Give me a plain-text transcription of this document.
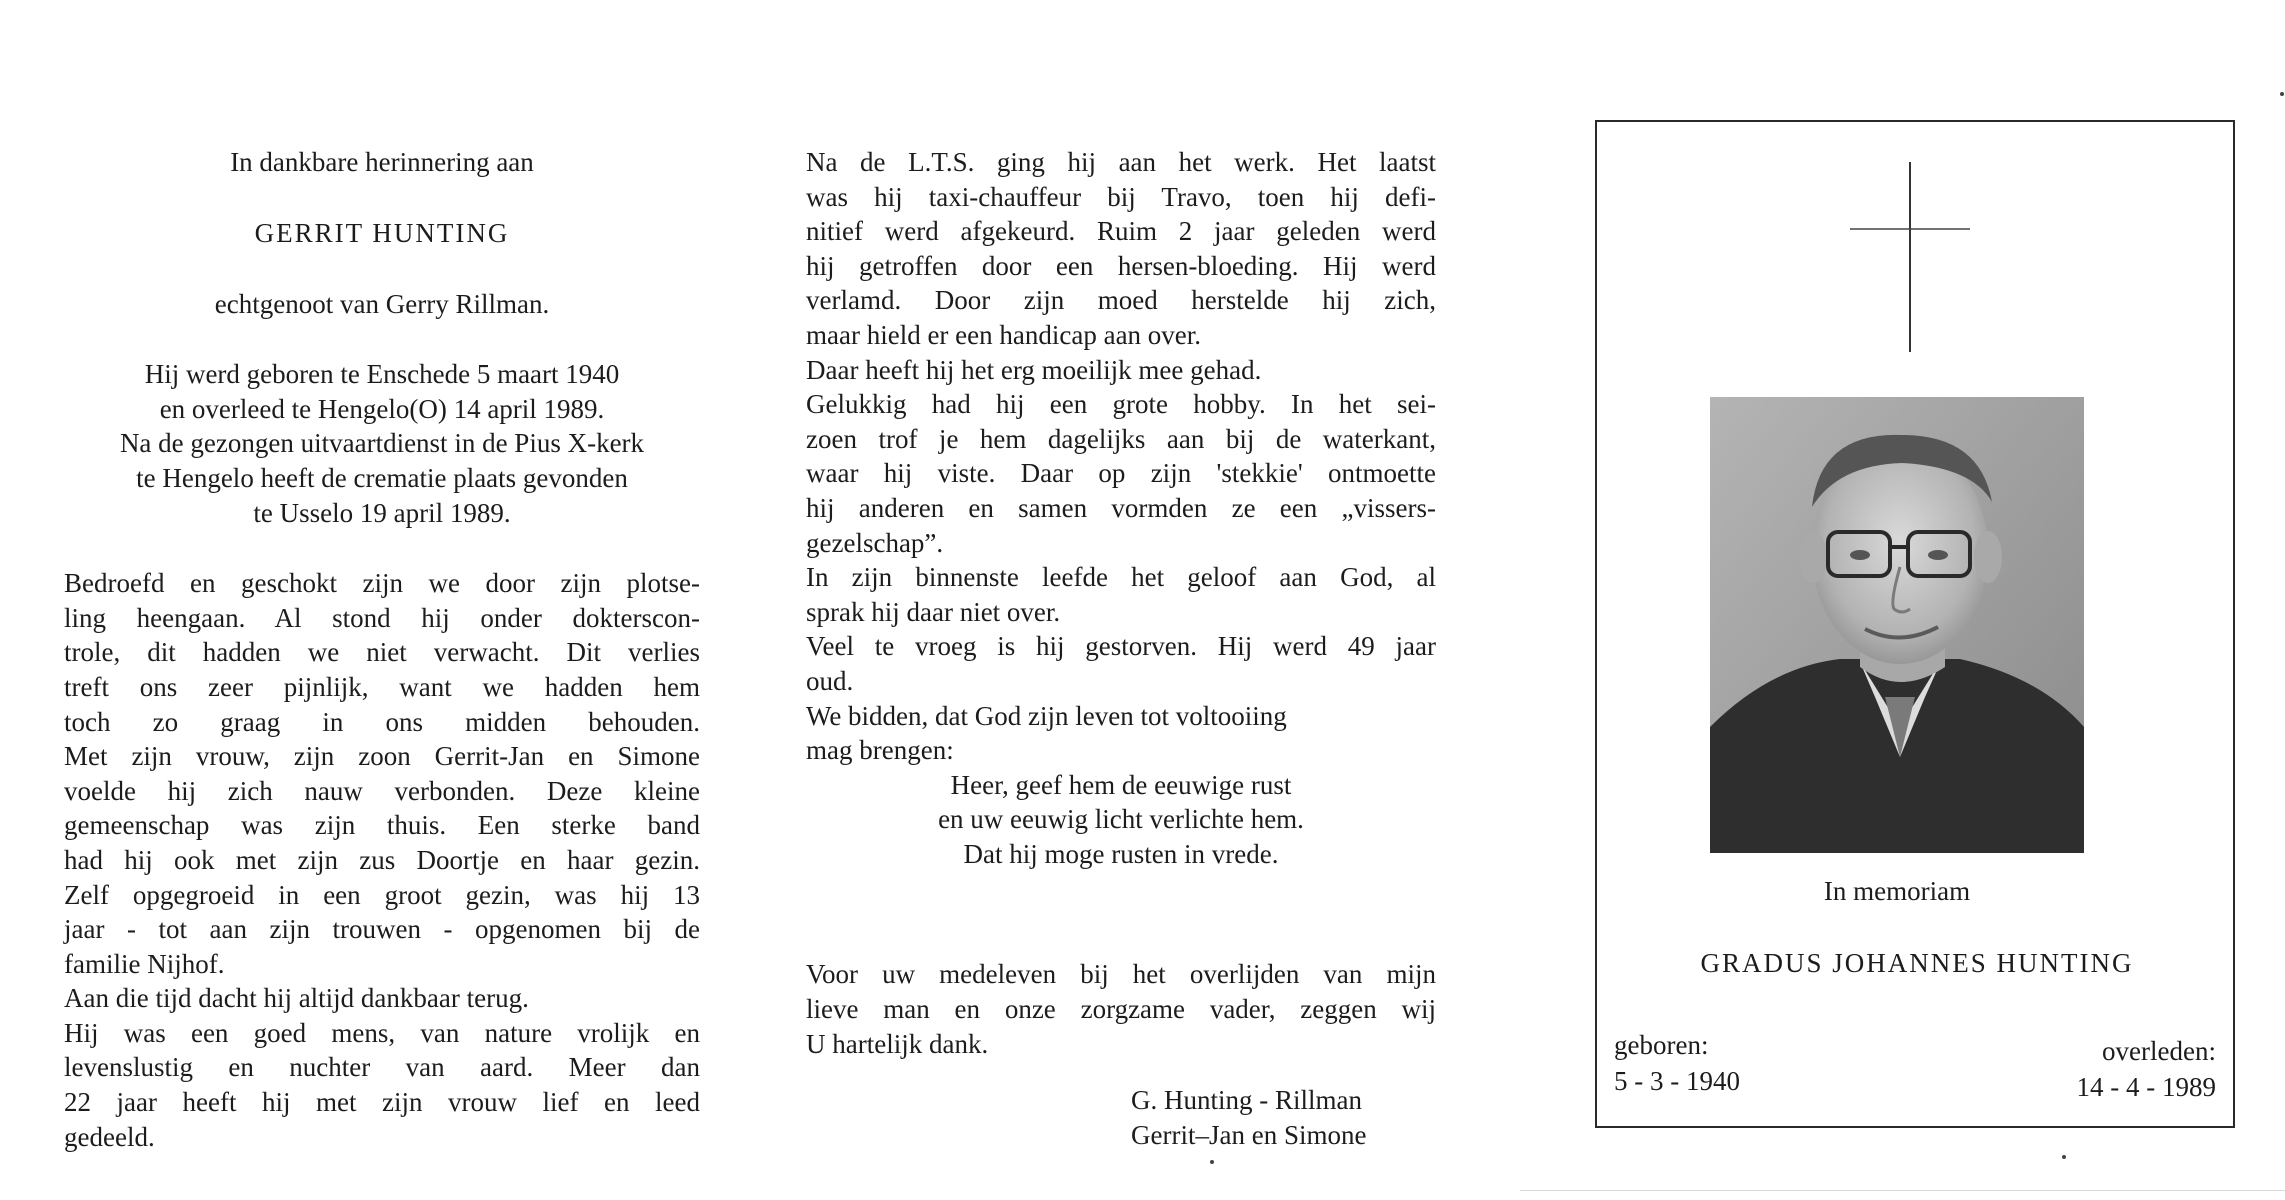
In dankbare herinnering aan

GERRIT HUNTING

echtgenoot van Gerry Rillman.

Hij werd geboren te Enschede 5 maart 1940

en overleed te Hengelo(O) 14 april 1989.

Na de gezongen uitvaartdienst in de Pius X-kerk

te Hengelo heeft de crematie plaats gevonden

te Usselo 19 april 1989.

Bedroefd en geschokt zijn we door zijn plotse-

ling heengaan. Al stond hij onder dokterscon-

trole, dit hadden we niet verwacht. Dit verlies

treft ons zeer pijnlijk, want we hadden hem

toch zo graag in ons midden behouden.

Met zijn vrouw, zijn zoon Gerrit-Jan en Simone

voelde hij zich nauw verbonden. Deze kleine

gemeenschap was zijn thuis. Een sterke band

had hij ook met zijn zus Doortje en haar gezin.

Zelf opgegroeid in een groot gezin, was hij 13

jaar - tot aan zijn trouwen - opgenomen bij de

familie Nijhof.

Aan die tijd dacht hij altijd dankbaar terug.

Hij was een goed mens, van nature vrolijk en

levenslustig en nuchter van aard. Meer dan

22 jaar heeft hij met zijn vrouw lief en leed

gedeeld.

Na de L.T.S. ging hij aan het werk. Het laatst

was hij taxi-chauffeur bij Travo, toen hij defi-

nitief werd afgekeurd. Ruim 2 jaar geleden werd

hij getroffen door een hersen-bloeding. Hij werd

verlamd. Door zijn moed herstelde hij zich,

maar hield er een handicap aan over.

Daar heeft hij het erg moeilijk mee gehad.

Gelukkig had hij een grote hobby. In het sei-

zoen trof je hem dagelijks aan bij de waterkant,

waar hij viste. Daar op zijn 'stekkie' ontmoette

hij anderen en samen vormden ze een „vissers-

gezelschap”.

In zijn binnenste leefde het geloof aan God, al

sprak hij daar niet over.

Veel te vroeg is hij gestorven. Hij werd 49 jaar

oud.

We bidden, dat God zijn leven tot voltooiing

mag brengen:

Heer, geef hem de eeuwige rust

en uw eeuwig licht verlichte hem.

Dat hij moge rusten in vrede.

Voor uw medeleven bij het overlijden van mijn

lieve man en onze zorgzame vader, zeggen wij

U hartelijk dank.

G. Hunting - Rillman

Gerrit–Jan en Simone

In memoriam
GRADUS JOHANNES HUNTING
geboren:
5 - 3 - 1940
overleden:
14 - 4 - 1989
